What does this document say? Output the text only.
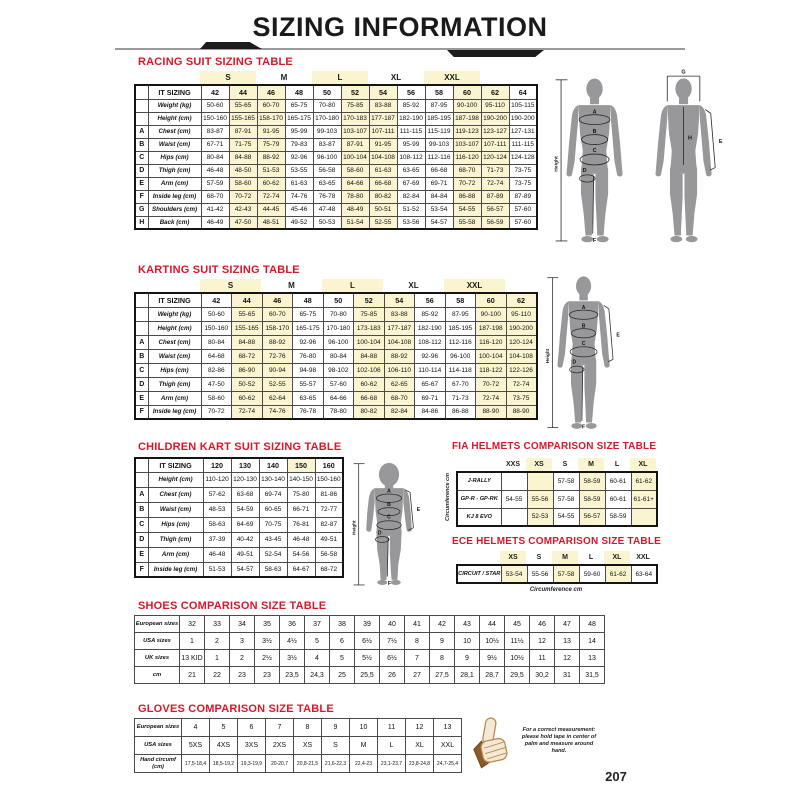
SIZING INFORMATION
RACING SUIT SIZING TABLE
S	M	L	XL	XXL
	IT SIZING	42	44	46	48	50	52	54	56	58	60	62	64
	Weight (kg)	50-60	55-65	60-70	65-75	70-80	75-85	83-88	85-92	87-95	90-100	95-110	105-115
	Height (cm)	150-160	155-165	158-170	165-175	170-180	170-183	177-187	182-190	185-195	187-198	190-200	190-200
A	Chest (cm)	83-87	87-91	91-95	95-99	99-103	103-107	107-111	111-115	115-119	119-123	123-127	127-131
B	Waist (cm)	67-71	71-75	75-79	79-83	83-87	87-91	91-95	95-99	99-103	103-107	107-111	111-115
C	Hips (cm)	80-84	84-88	88-92	92-96	96-100	100-104	104-108	108-112	112-116	116-120	120-124	124-128
D	Thigh (cm)	46-48	48-50	51-53	53-55	56-58	58-60	61-63	63-65	66-68	68-70	71-73	73-75
E	Arm (cm)	57-59	58-60	60-62	61-63	63-65	64-66	66-68	67-69	69-71	70-72	72-74	73-75
F	Inside leg (cm)	68-70	70-72	72-74	74-76	76-78	78-80	80-82	82-84	84-84	86-88	87-89	87-89
G	Shoulders (cm)	41-42	42-43	44-45	45-46	47-48	48-49	50-51	51-52	53-54	54-55	56-57	57-60
H	Back (cm)	46-49	47-50	48-51	49-52	50-53	51-54	52-55	53-56	54-57	55-58	56-59	57-60
Height
A
B
C
D
F
G
H
E
KARTING SUIT SIZING TABLE
S	M	L	XL	XXL
	IT SIZING	42	44	46	48	50	52	54	56	58	60	62
	Weight (kg)	50-60	55-65	60-70	65-75	70-80	75-85	83-88	85-92	87-95	90-100	95-110
	Height (cm)	150-160	155-165	158-170	165-175	170-180	173-183	177-187	182-190	185-195	187-198	190-200
A	Chest (cm)	80-84	84-88	88-92	92-96	96-100	100-104	104-108	108-112	112-116	116-120	120-124
B	Waist (cm)	64-68	68-72	72-76	76-80	80-84	84-88	88-92	92-96	96-100	100-104	104-108
C	Hips (cm)	82-86	86-90	90-94	94-98	98-102	102-106	106-110	110-114	114-118	118-122	122-126
D	Thigh (cm)	47-50	50-52	52-55	55-57	57-60	60-62	62-65	65-67	67-70	70-72	72-74
E	Arm (cm)	58-60	60-62	62-64	63-65	64-66	66-68	68-70	69-71	71-73	72-74	73-75
F	Inside leg (cm)	70-72	72-74	74-76	76-78	78-80	80-82	82-84	84-86	86-88	88-90	88-90
Height
A
B
C
D
F
E
CHILDREN KART SUIT SIZING TABLE
	IT SIZING	120	130	140	150	160
	Height (cm)	110-120	120-130	130-140	140-150	150-160
A	Chest (cm)	57-62	63-68	69-74	75-80	81-86
B	Waist (cm)	48-53	54-59	60-65	66-71	72-77
C	Hips (cm)	58-63	64-69	70-75	76-81	82-87
D	Thigh (cm)	37-39	40-42	43-45	46-48	49-51
E	Arm (cm)	46-48	49-51	52-54	54-56	56-58
F	Inside leg (cm)	51-53	54-57	58-63	64-67	68-72
Height
A
B
C
D
F
E
FIA HELMETS COMPARISON SIZE TABLE
Circumference cm
XXS	XS	S	M	L	XL
J-RALLY			57-58	58-59	60-61	61-62
GP-R - GP-RK	54-55	55-56	57-58	58-59	60-61	61-61+
KJ 8 EVO		52-53	54-55	56-57	58-59	
ECE HELMETS COMPARISON SIZE TABLE
XS	S	M	L	XL	XXL
CIRCUIT / STAR	53-54	55-56	57-58	59-60	61-62	63-64
Circumference cm
SHOES COMPARISON SIZE TABLE
European sizes	32	33	34	35	36	37	38	39	40	41	42	43	44	45	46	47	48
USA sizes	1	2	3	3½	4½	5	6	6½	7½	8	9	10	10½	11½	12	13	14
UK sizes	13 KID	1	2	2½	3½	4	5	5½	6½	7	8	9	9½	10½	11	12	13
cm	21	22	23	23	23,5	24,3	25	25,5	26	27	27,5	28,1	28,7	29,5	30,2	31	31,5
GLOVES COMPARISON SIZE TABLE
European sizes	4	5	6	7	8	9	10	11	12	13
USA sizes	5XS	4XS	3XS	2XS	XS	S	M	L	XL	XXL
Hand circumf (cm)	17,5-18,4	18,5-19,2	19,3-19,9	20-20,7	20,8-21,5	21,6-22,3	22,4-23	23,1-23,7	23,8-24,8	24,7-25,4
For a correct measurement: please hold tape in center of palm and measure around hand.
207
